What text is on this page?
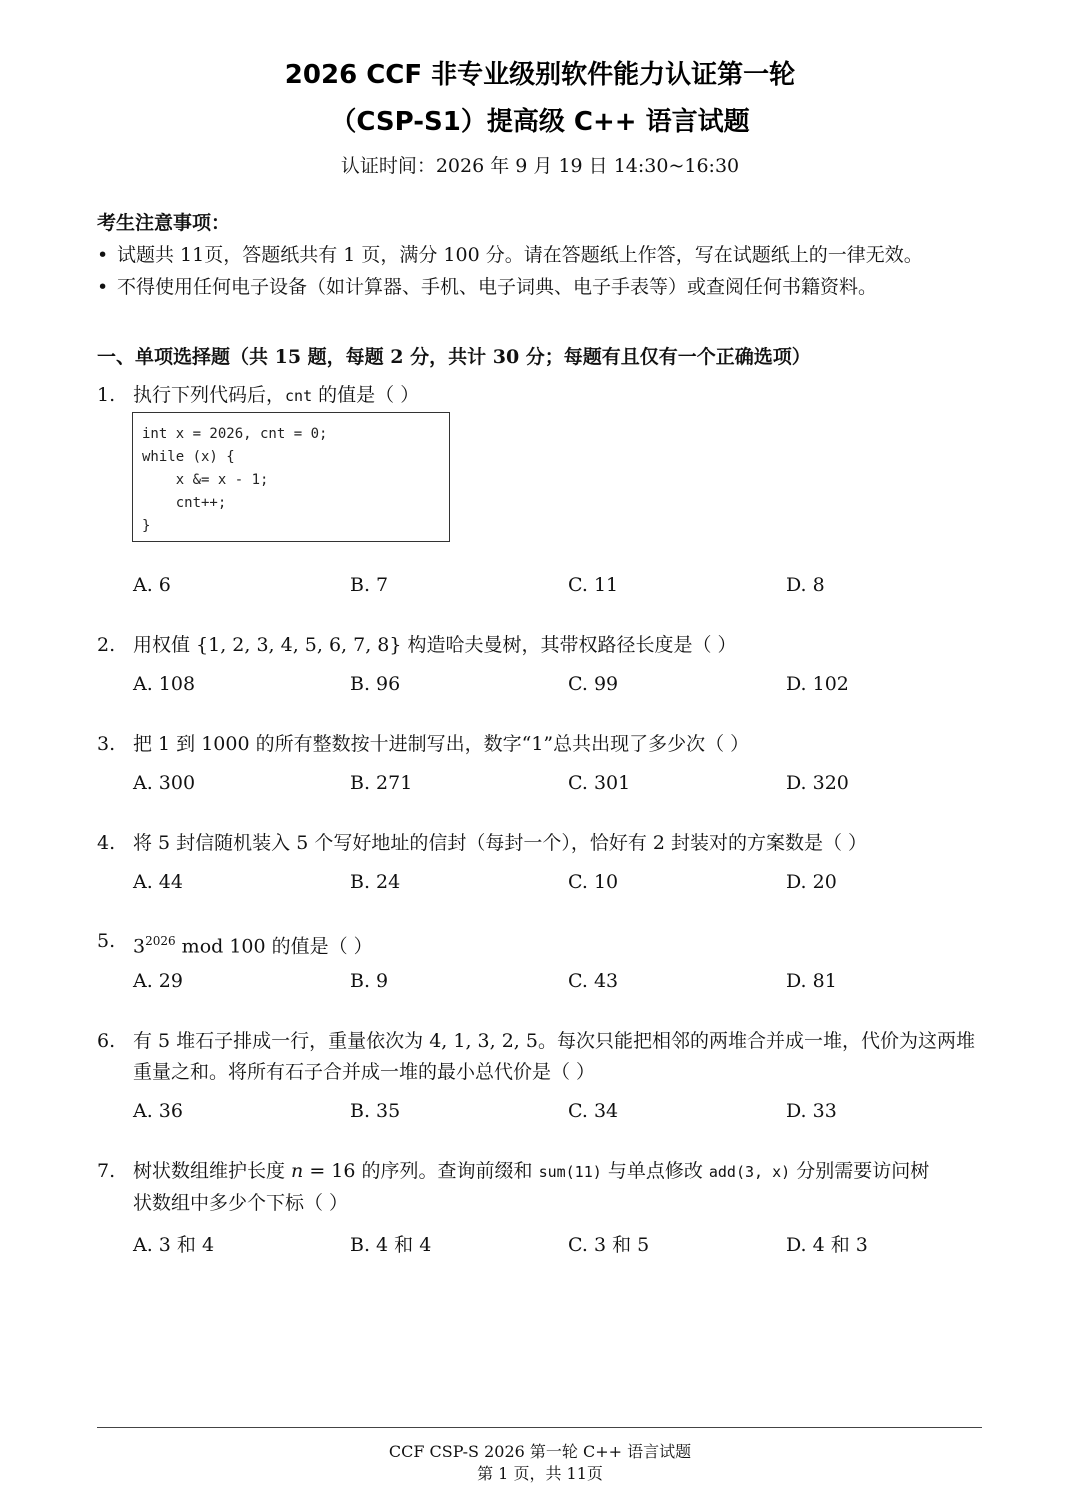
2026 CCF 非专业级别软件能力认证第一轮
（CSP-S1）提高级 C++ 语言试题
认证时间：2026 年 9 月 19 日 14:30~16:30
考生注意事项：
• 试题共 11页，答题纸共有 1 页，满分 100 分。请在答题纸上作答，写在试题纸上的一律无效。
• 不得使用任何电子设备（如计算器、手机、电子词典、电子手表等）或查阅任何书籍资料。
一、单项选择题（共 15 题，每题 2 分，共计 30 分；每题有且仅有一个正确选项）
1. 执行下列代码后，cnt 的值是（ ）
int x = 2026, cnt = 0;
while (x) {
x &= x - 1;
cnt++;
}
A. 6	B. 7	C. 11	D. 8
2. 用权值 {1, 2, 3, 4, 5, 6, 7, 8} 构造哈夫曼树，其带权路径长度是（ ）
A. 108	B. 96	C. 99	D. 102
3. 把 1 到 1000 的所有整数按十进制写出，数字“1”总共出现了多少次（ ）
A. 300	B. 271	C. 301	D. 320
4. 将 5 封信随机装入 5 个写好地址的信封（每封一个），恰好有 2 封装对的方案数是（ ）
A. 44	B. 24	C. 10	D. 20
5. $3^{2026}$ mod 100 的值是（ ）
A. 29	B. 9	C. 43	D. 81
6. 有 5 堆石子排成一行，重量依次为 4, 1, 3, 2, 5。每次只能把相邻的两堆合并成一堆，代价为这两堆
重量之和。将所有石子合并成一堆的最小总代价是（ ）
A. 36	B. 35	C. 34	D. 33
7. 树状数组维护长度 n = 16 的序列。查询前缀和 sum(11) 与单点修改 add(3, x) 分别需要访问树
状数组中多少个下标（ ）
A. 3 和 4	B. 4 和 4	C. 3 和 5	D. 4 和 3
CCF CSP-S 2026 第一轮 C++ 语言试题
第 1 页，共 11页
